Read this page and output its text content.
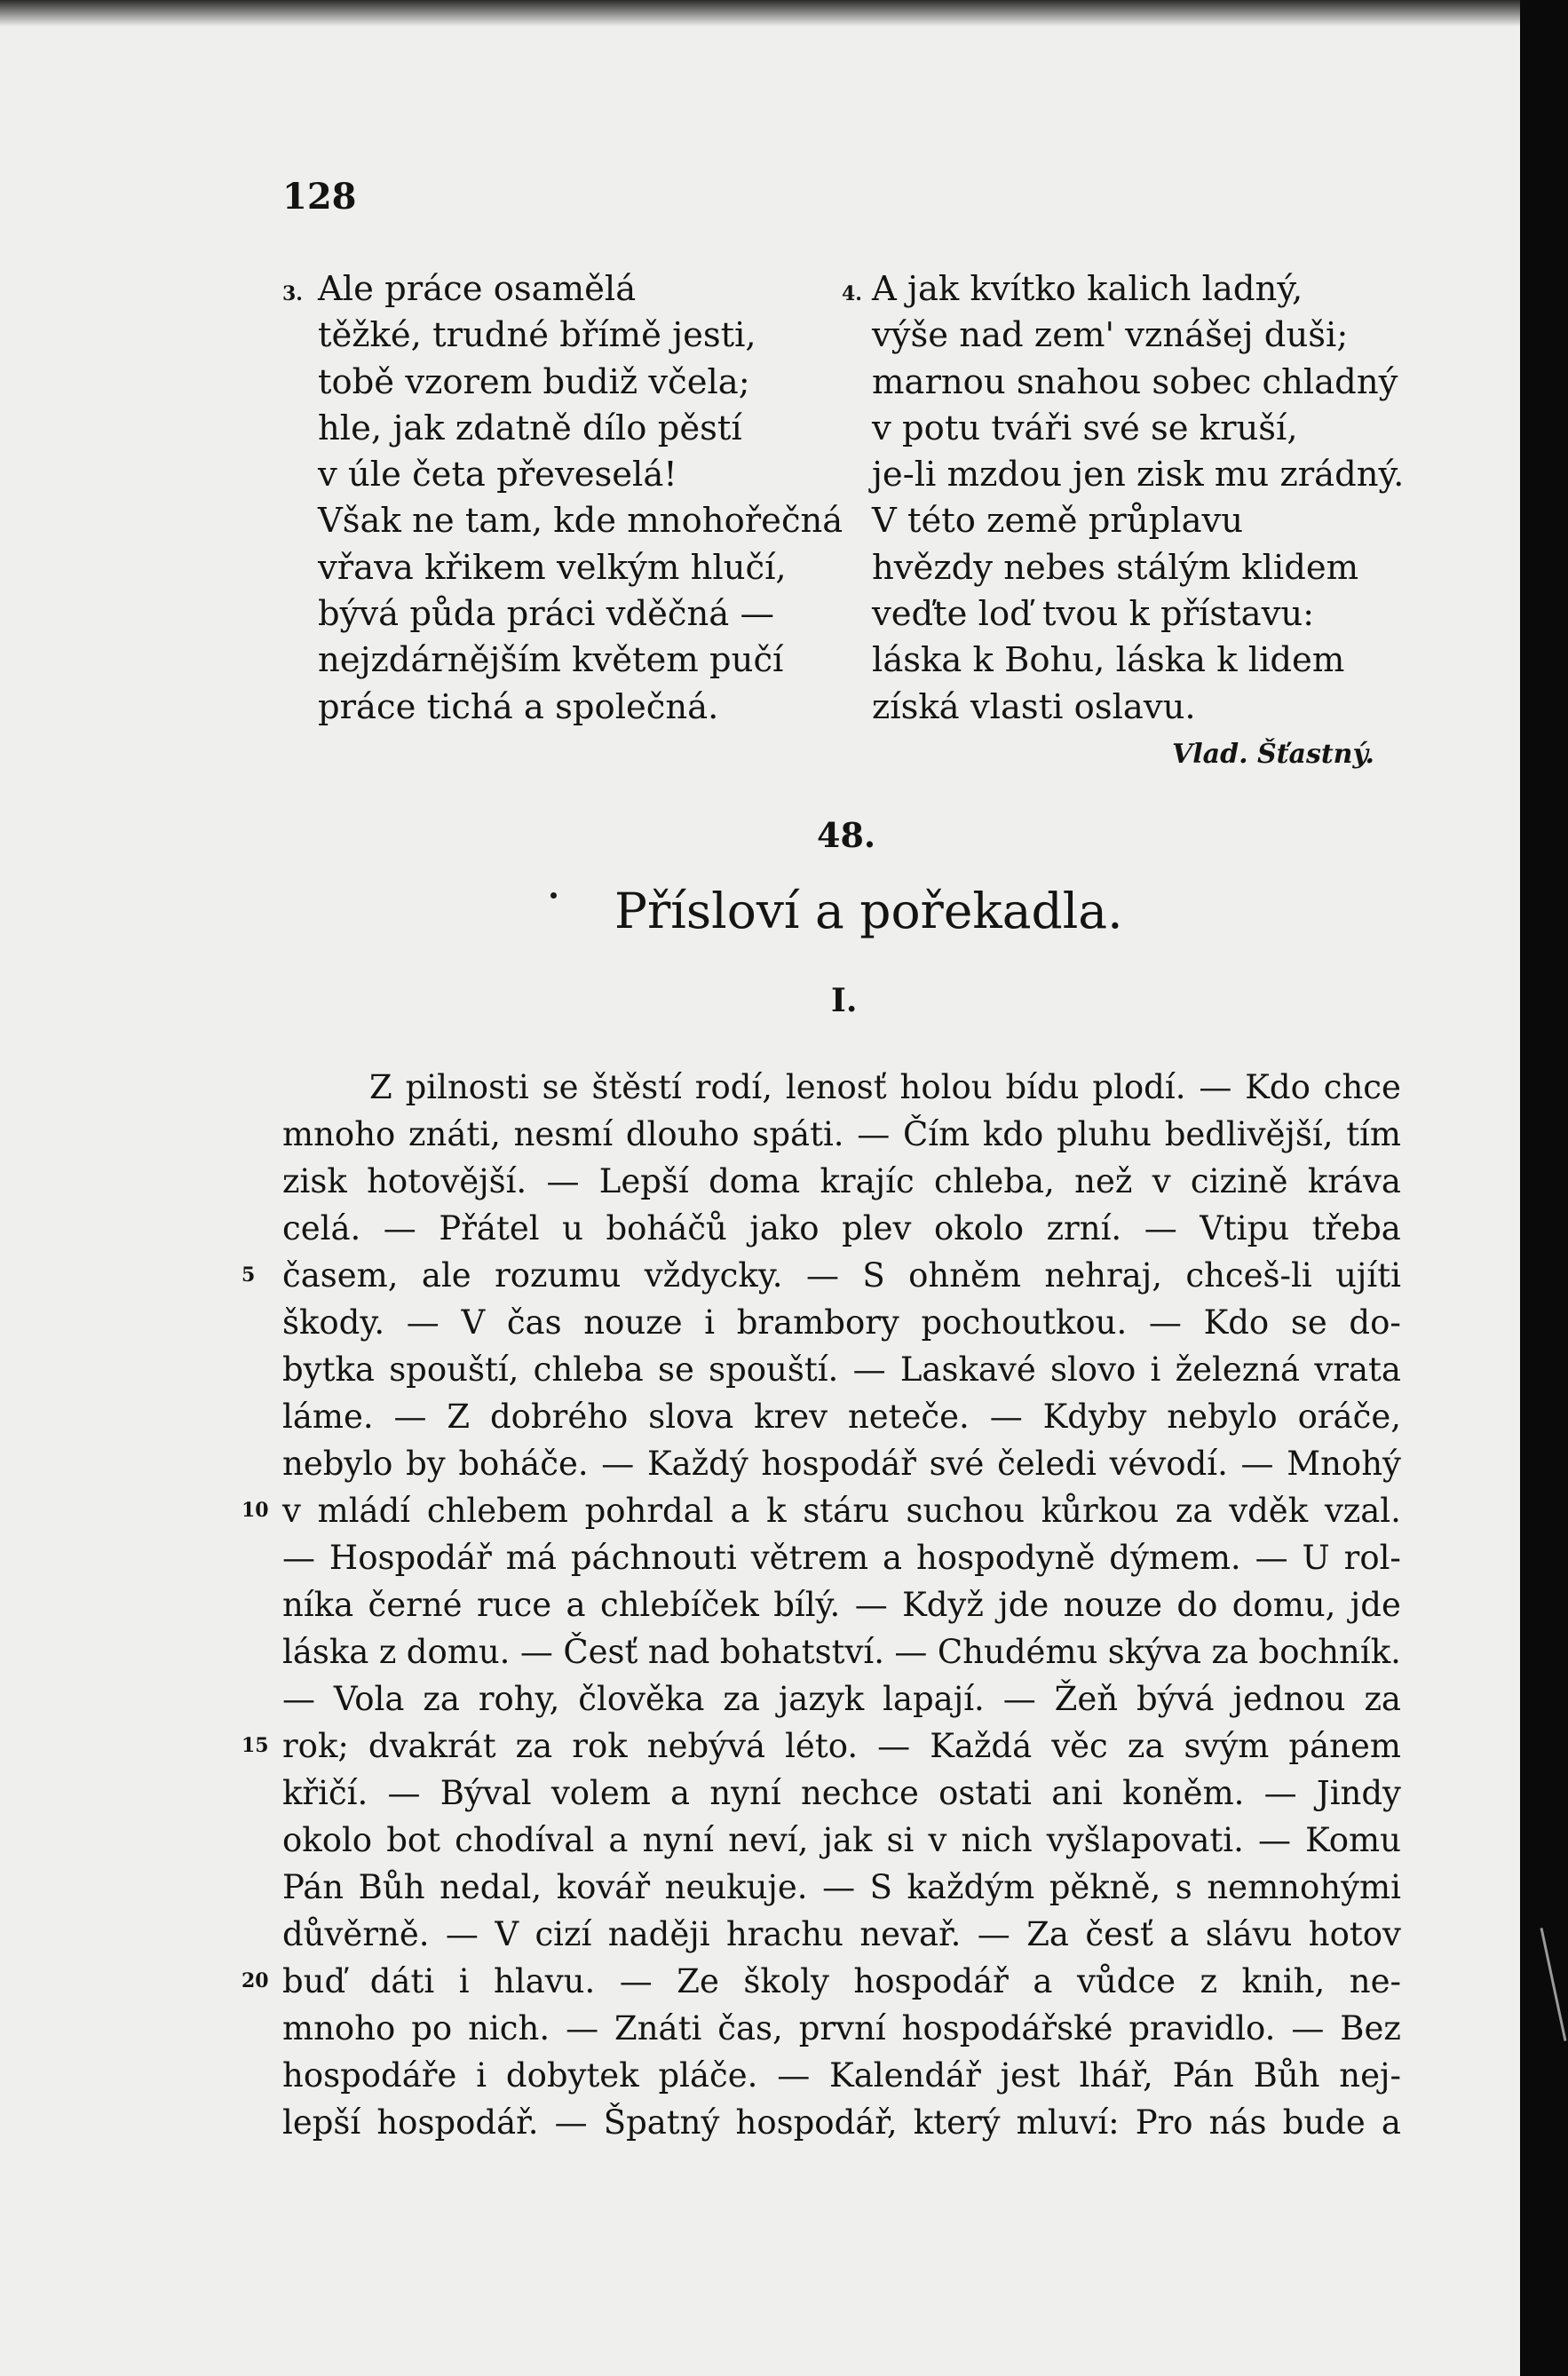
128
3. Ale práce osamělá
těžké, trudné břímě jesti,
tobě vzorem budiž včela;
hle, jak zdatně dílo pěstí
v úle četa převeselá!
Však ne tam, kde mnohořečná
vřava křikem velkým hlučí,
bývá půda práci vděčná —
nejzdárnějším květem pučí
práce tichá a společná.
4. A jak kvítko kalich ladný,
výše nad zem' vznášej duši;
marnou snahou sobec chladný
v potu tváři své se kruší,
je-li mzdou jen zisk mu zrádný.
V této země průplavu
hvězdy nebes stálým klidem
veďte loď tvou k přístavu:
láska k Bohu, láska k lidem
získá vlasti oslavu.
Vlad. Šťastný.
48.
Přísloví a pořekadla.
I.
5
10
15
20
Z pilnosti se štěstí rodí, lenosť holou bídu plodí. — Kdo chce
mnoho znáti, nesmí dlouho spáti. — Čím kdo pluhu bedlivější, tím
zisk hotovější. — Lepší doma krajíc chleba, než v cizině kráva
celá. — Přátel u boháčů jako plev okolo zrní. — Vtipu třeba
časem, ale rozumu vždycky. — S ohněm nehraj, chceš-li ujíti
škody. — V čas nouze i brambory pochoutkou. — Kdo se do-
bytka spouští, chleba se spouští. — Laskavé slovo i železná vrata
láme. — Z dobrého slova krev neteče. — Kdyby nebylo oráče,
nebylo by boháče. — Každý hospodář své čeledi vévodí. — Mnohý
v mládí chlebem pohrdal a k stáru suchou kůrkou za vděk vzal.
— Hospodář má páchnouti větrem a hospodyně dýmem. — U rol-
níka černé ruce a chlebíček bílý. — Když jde nouze do domu, jde
láska z domu. — Česť nad bohatství. — Chudému skýva za bochník.
— Vola za rohy, člověka za jazyk lapají. — Žeň bývá jednou za
rok; dvakrát za rok nebývá léto. — Každá věc za svým pánem
křičí. — Býval volem a nyní nechce ostati ani koněm. — Jindy
okolo bot chodíval a nyní neví, jak si v nich vyšlapovati. — Komu
Pán Bůh nedal, kovář neukuje. — S každým pěkně, s nemnohými
důvěrně. — V cizí naději hrachu nevař. — Za česť a slávu hotov
buď dáti i hlavu. — Ze školy hospodář a vůdce z knih, ne-
mnoho po nich. — Znáti čas, první hospodářské pravidlo. — Bez
hospodáře i dobytek pláče. — Kalendář jest lhář, Pán Bůh nej-
lepší hospodář. — Špatný hospodář, který mluví: Pro nás bude a
